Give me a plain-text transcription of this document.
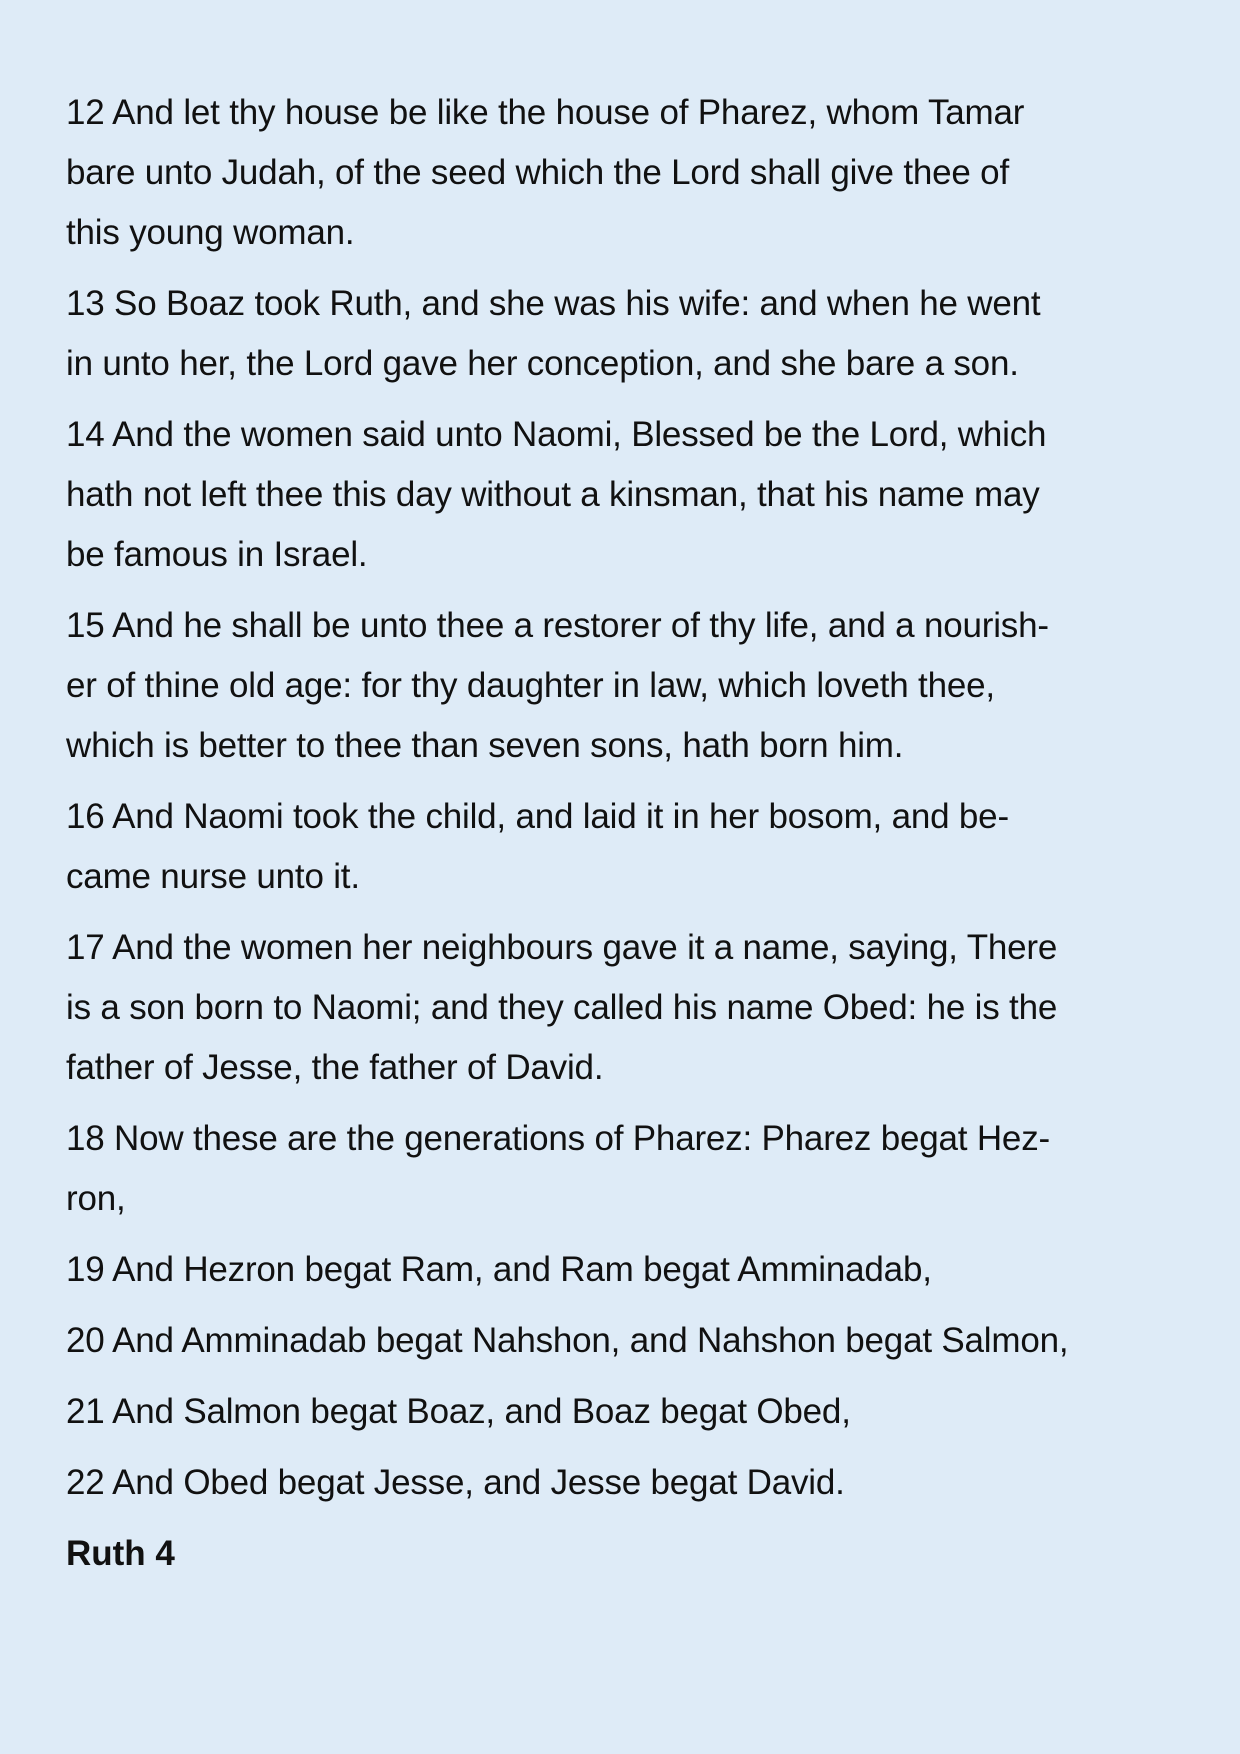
12 And let thy house be like the house of Pharez, whom Tamar
bare unto Judah, of the seed which the Lord shall give thee of
this young woman.

13 So Boaz took Ruth, and she was his wife: and when he went
in unto her, the Lord gave her conception, and she bare a son.

14 And the women said unto Naomi, Blessed be the Lord, which
hath not left thee this day without a kinsman, that his name may
be famous in Israel.

15 And he shall be unto thee a restorer of thy life, and a nourish-
er of thine old age: for thy daughter in law, which loveth thee,
which is better to thee than seven sons, hath born him.

16 And Naomi took the child, and laid it in her bosom, and be-
came nurse unto it.

17 And the women her neighbours gave it a name, saying, There
is a son born to Naomi; and they called his name Obed: he is the
father of Jesse, the father of David.

18 Now these are the generations of Pharez: Pharez begat Hez-
ron,

19 And Hezron begat Ram, and Ram begat Amminadab,

20 And Amminadab begat Nahshon, and Nahshon begat Salmon,

21 And Salmon begat Boaz, and Boaz begat Obed,

22 And Obed begat Jesse, and Jesse begat David.

Ruth 4
